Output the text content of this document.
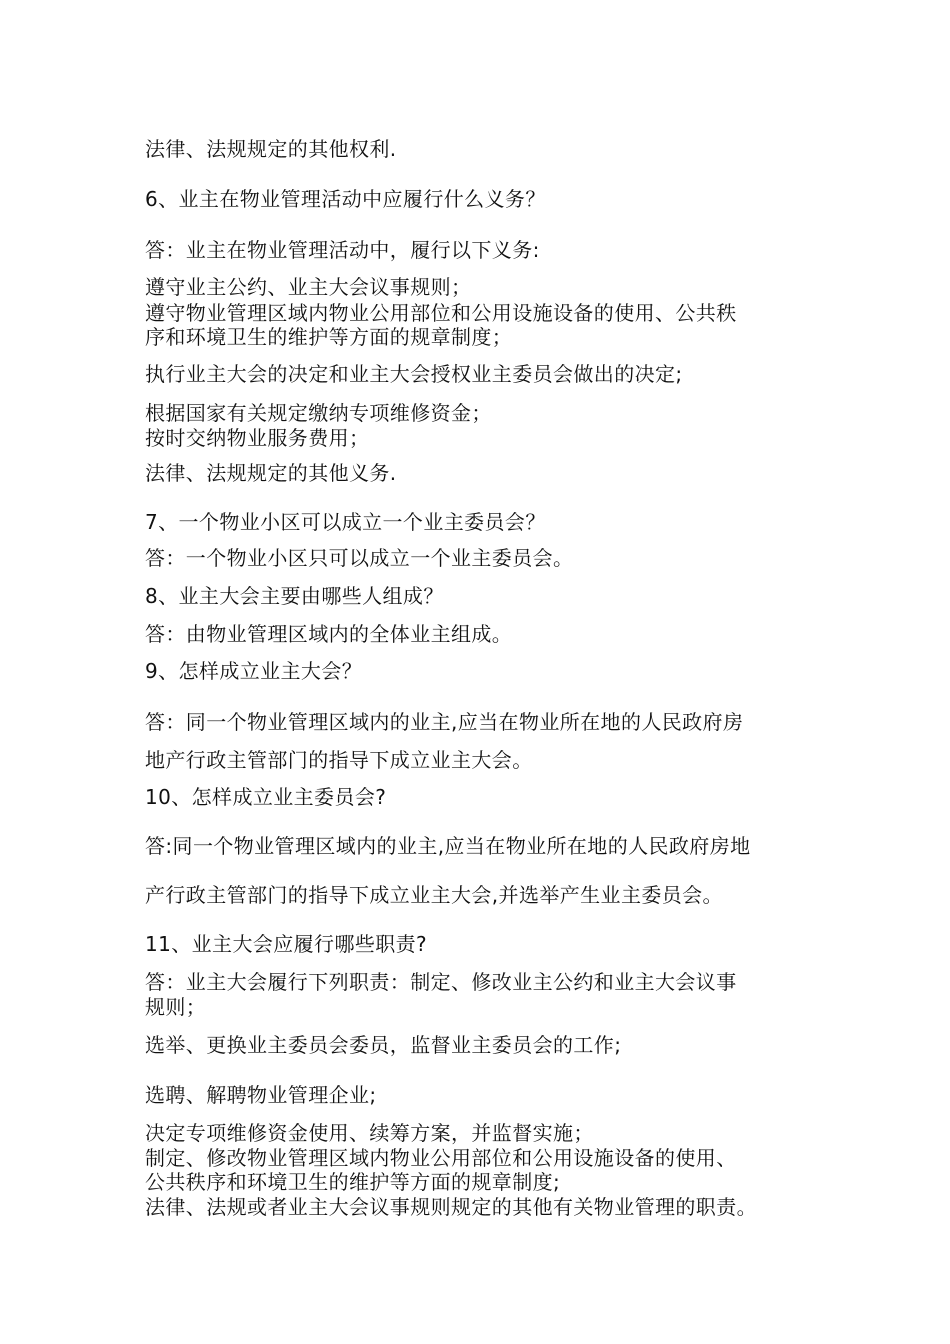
法律、法规规定的其他权利.
6、业主在物业管理活动中应履行什么义务？
答：业主在物业管理活动中，履行以下义务:
遵守业主公约、业主大会议事规则；
遵守物业管理区域内物业公用部位和公用设施设备的使用、公共秩
序和环境卫生的维护等方面的规章制度；
执行业主大会的决定和业主大会授权业主委员会做出的决定;
根据国家有关规定缴纳专项维修资金；
按时交纳物业服务费用；
法律、法规规定的其他义务.
7、一个物业小区可以成立一个业主委员会？
答：一个物业小区只可以成立一个业主委员会。
8、业主大会主要由哪些人组成？
答：由物业管理区域内的全体业主组成。
9、怎样成立业主大会？
答：同一个物业管理区域内的业主,应当在物业所在地的人民政府房
地产行政主管部门的指导下成立业主大会。
10、怎样成立业主委员会?
答:同一个物业管理区域内的业主,应当在物业所在地的人民政府房地
产行政主管部门的指导下成立业主大会,并选举产生业主委员会。
11、业主大会应履行哪些职责?
答：业主大会履行下列职责：制定、修改业主公约和业主大会议事
规则；
选举、更换业主委员会委员，监督业主委员会的工作;
选聘、解聘物业管理企业;
决定专项维修资金使用、续筹方案，并监督实施；
制定、修改物业管理区域内物业公用部位和公用设施设备的使用、
公共秩序和环境卫生的维护等方面的规章制度;
法律、法规或者业主大会议事规则规定的其他有关物业管理的职责。
